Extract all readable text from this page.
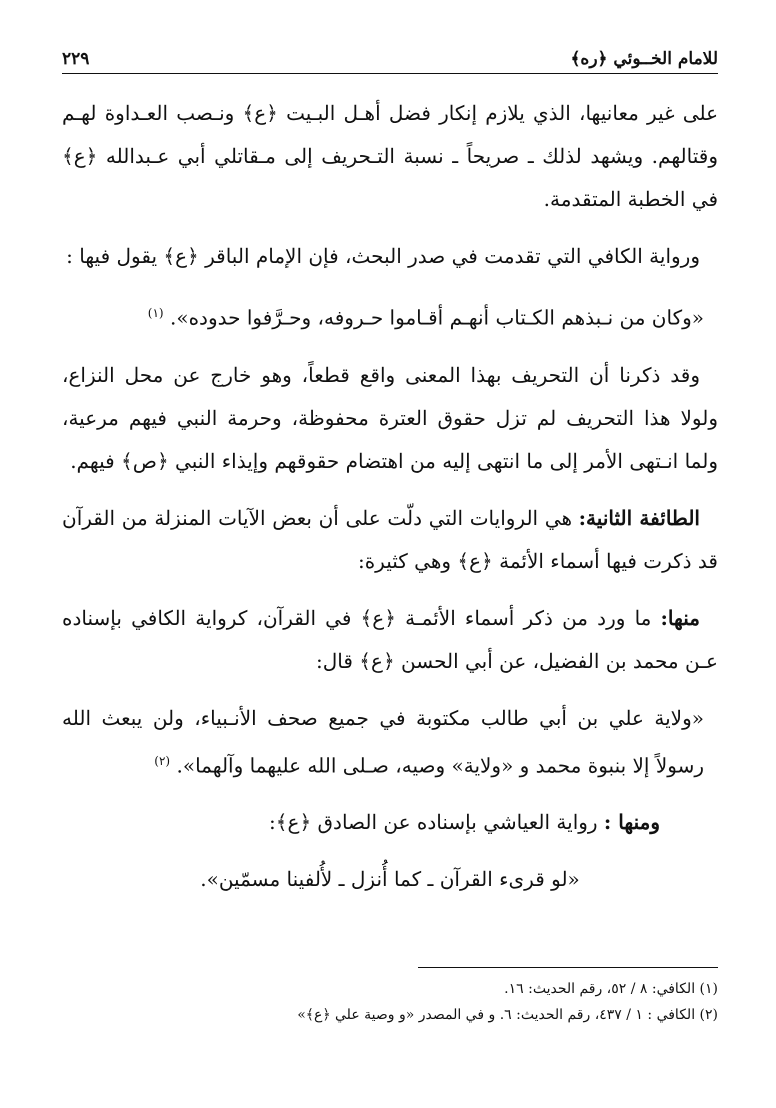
للامام الخــوئي ﴿ره﴾
٢٢٩

على غير معانيها، الذي يلازم إنكار فضل أهـل البـيت ﴿ع﴾ ونـصب العـداوة لهـم وقتالهم. ويشهد لذلك ـ صريحاً ـ نسبة التـحريف إلى مـقاتلي أبي عـبدالله ﴿ع﴾ في الخطبة المتقدمة.

ورواية الكافي التي تقدمت في صدر البحث، فإن الإمام الباقر ﴿ع﴾ يقول فيها :

«وكان من نـبذهم الكـتاب أنهـم أقـاموا حـروفه، وحـرَّفوا حدوده». $^{(١)}$

وقد ذكرنا أن التحريف بهذا المعنى واقع قطعاً، وهو خارج عن محل النزاع، ولولا هذا التحريف لم تزل حقوق العترة محفوظة، وحرمة النبي فيهم مرعية، ولما انـتهى الأمر إلى ما انتهى إليه من اهتضام حقوقهم وإيذاء النبي ﴿ص﴾ فيهم.

الطائفة الثانية: هي الروايات التي دلّت على أن بعض الآيات المنزلة من القرآن قد ذكرت فيها أسماء الأئمة ﴿ع﴾ وهي كثيرة:

منها: ما ورد من ذكر أسماء الأئمـة ﴿ع﴾ في القرآن، كرواية الكافي بإسناده عـن محمد بن الفضيل، عن أبي الحسن ﴿ع﴾ قال:

«ولاية علي بن أبي طالب مكتوبة في جميع صحف الأنـبياء، ولن يبعث الله رسولاً إلا بنبوة محمد و «ولاية» وصيه، صـلى الله عليهما وآلهما». $^{(٢)}$

ومنها : رواية العياشي بإسناده عن الصادق ﴿ع﴾:

«لو قرىء القرآن ـ كما أُنزل ـ لأُلفينا مسمّين».

(١) الكافي: ٨ / ٥٢، رقم الحديث: ١٦.
(٢) الكافي : ١ / ٤٣٧، رقم الحديث: ٦. و في المصدر «و وصية علي ﴿ع﴾»
